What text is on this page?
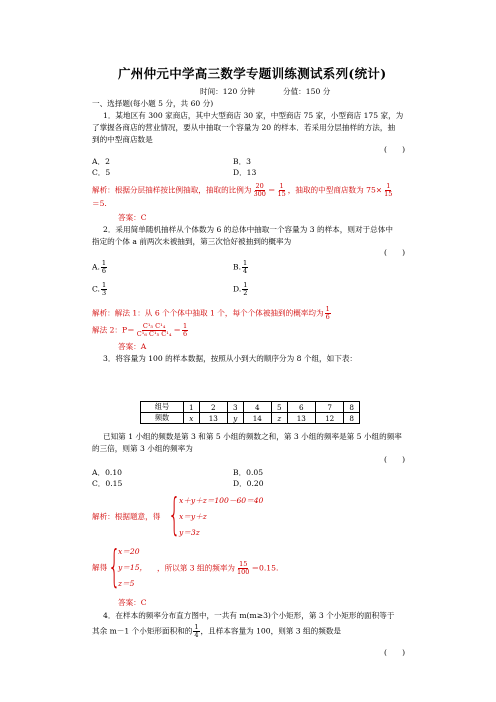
广州仲元中学高三数学专题训练测试系列(统计)
时间：120 分钟	分值：150 分
一、选择题(每小题 5 分，共 60 分)
1．某地区有 300 家商店，其中大型商店 30 家，中型商店 75 家，小型商店 175 家，为
了掌握各商店的营业情况，要从中抽取一个容量为 20 的样本．若采用分层抽样的方法，抽
到的中型商店数是
(　　)
A．2	B．3
C．5	D．13
解析：根据分层抽样按比例抽取，抽取的比例为 $\frac{20}{300} = \frac{1}{15}$ ，抽取的中型商店数为 $75\times \frac{1}{15}$
＝5.
答案：C
2．采用简单随机抽样从个体数为 6 的总体中抽取一个容量为 3 的样本，则对于总体中
指定的个体 a 前两次未被抽到，第三次恰好被抽到的概率为
(　　)
A. $\frac{1}{6}$	B. $\frac{1}{4}$
C. $\frac{1}{3}$	D. $\frac{1}{2}$
解析：解法 1：从 6 个个体中抽取 1 个，每个个体被抽到的概率均为 $\frac{1}{6}$
解法 2：$P= \frac{\text{C¹₅ C¹₄}}{\text{C¹₆ C¹₅ C¹₄}} = \frac{1}{6}$
答案：A
3．将容量为 100 的样本数据，按照从小到大的顺序分为 8 个组，如下表：
组号	1	2	3	4	5	6	7	8
频数	x	13	y	14	z	13	12	8
已知第 1 小组的频数是第 3 和第 5 小组的频数之和，第 3 小组的频率是第 5 小组的频率
的三倍，则第 3 小组的频率为
(　　)
A．0.10	B．0.05
C．0.15	D．0.20
解析：根据题意，得 {
x＋y＋z＝100－60＝40
x＝y＋z
y＝3z
解得 {
x＝20
y＝15，
z＝5
，所以第 3 组的频率为 $\frac{15}{100} =0.15$.
答案：C
4．在样本的频率分布直方图中，一共有 m(m≥3)个小矩形，第 3 个小矩形的面积等于
其余 m－1 个小矩形面积和的 $\frac{1}{4}$ ，且样本容量为 100，则第 3 组的频数是
(　　)
